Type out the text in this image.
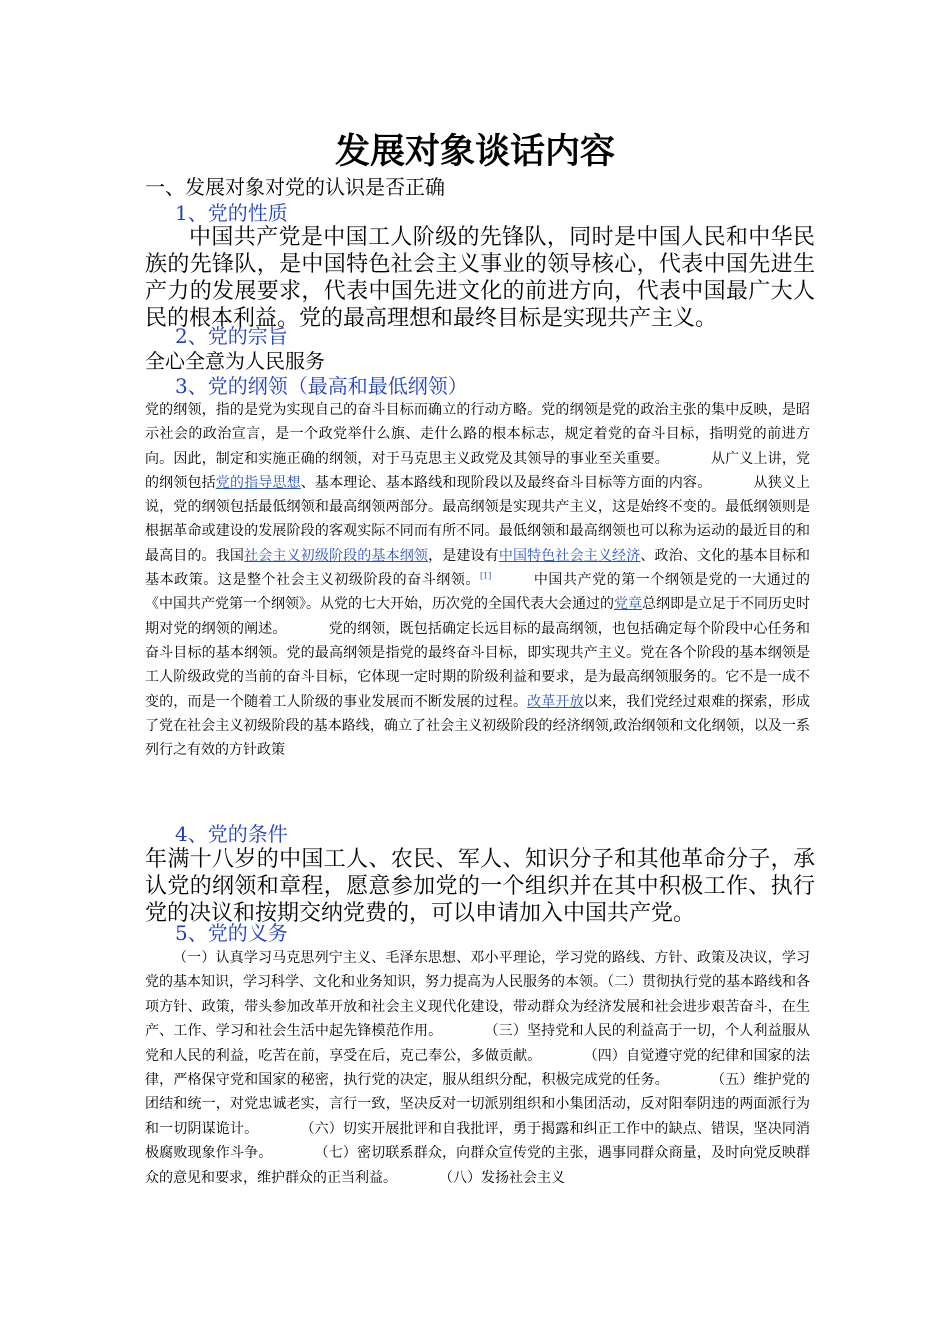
发展对象谈话内容
一、发展对象对党的认识是否正确
1、党的性质
中国共产党是中国工人阶级的先锋队，同时是中国人民和中华民族的先锋队，是中国特色社会主义事业的领导核心，代表中国先进生产力的发展要求，代表中国先进文化的前进方向，代表中国最广大人民的根本利益。党的最高理想和最终目标是实现共产主义。
2、党的宗旨
全心全意为人民服务
3、党的纲领（最高和最低纲领）
党的纲领，指的是党为实现自己的奋斗目标而确立的行动方略。党的纲领是党的政治主张的集中反映，是昭示社会的政治宣言，是一个政党举什么旗、走什么路的根本标志，规定着党的奋斗目标，指明党的前进方向。因此，制定和实施正确的纲领，对于马克思主义政党及其领导的事业至关重要。	从广义上讲，党的纲领包括党的指导思想、基本理论、基本路线和现阶段以及最终奋斗目标等方面的内容。	从狭义上说，党的纲领包括最低纲领和最高纲领两部分。最高纲领是实现共产主义，这是始终不变的。最低纲领则是根据革命或建设的发展阶段的客观实际不同而有所不同。最低纲领和最高纲领也可以称为运动的最近目的和最高目的。我国社会主义初级阶段的基本纲领，是建设有中国特色社会主义经济、政治、文化的基本目标和基本政策。这是整个社会主义初级阶段的奋斗纲领。[1]	中国共产党的第一个纲领是党的一大通过的《中国共产党第一个纲领》。从党的七大开始，历次党的全国代表大会通过的党章总纲即是立足于不同历史时期对党的纲领的阐述。	党的纲领，既包括确定长远目标的最高纲领，也包括确定每个阶段中心任务和奋斗目标的基本纲领。党的最高纲领是指党的最终奋斗目标，即实现共产主义。党在各个阶段的基本纲领是工人阶级政党的当前的奋斗目标，它体现一定时期的阶级利益和要求，是为最高纲领服务的。它不是一成不变的，而是一个随着工人阶级的事业发展而不断发展的过程。改革开放以来，我们党经过艰难的探索，形成了党在社会主义初级阶段的基本路线，确立了社会主义初级阶段的经济纲领,政治纲领和文化纲领，以及一系列行之有效的方针政策
4、党的条件
年满十八岁的中国工人、农民、军人、知识分子和其他革命分子，承认党的纲领和章程，愿意参加党的一个组织并在其中积极工作、执行党的决议和按期交纳党费的，可以申请加入中国共产党。
5、党的义务
（一）认真学习马克思列宁主义、毛泽东思想、邓小平理论，学习党的路线、方针、政策及决议，学习党的基本知识，学习科学、文化和业务知识，努力提高为人民服务的本领。（二）贯彻执行党的基本路线和各项方针、政策，带头参加改革开放和社会主义现代化建设，带动群众为经济发展和社会进步艰苦奋斗，在生产、工作、学习和社会生活中起先锋模范作用。	（三）坚持党和人民的利益高于一切，个人利益服从党和人民的利益，吃苦在前，享受在后，克己奉公，多做贡献。	（四）自觉遵守党的纪律和国家的法律，严格保守党和国家的秘密，执行党的决定，服从组织分配，积极完成党的任务。	（五）维护党的团结和统一，对党忠诚老实，言行一致，坚决反对一切派别组织和小集团活动，反对阳奉阴违的两面派行为和一切阴谋诡计。	（六）切实开展批评和自我批评，勇于揭露和纠正工作中的缺点、错误，坚决同消极腐败现象作斗争。	（七）密切联系群众，向群众宣传党的主张，遇事同群众商量，及时向党反映群众的意见和要求，维护群众的正当利益。	（八）发扬社会主义
